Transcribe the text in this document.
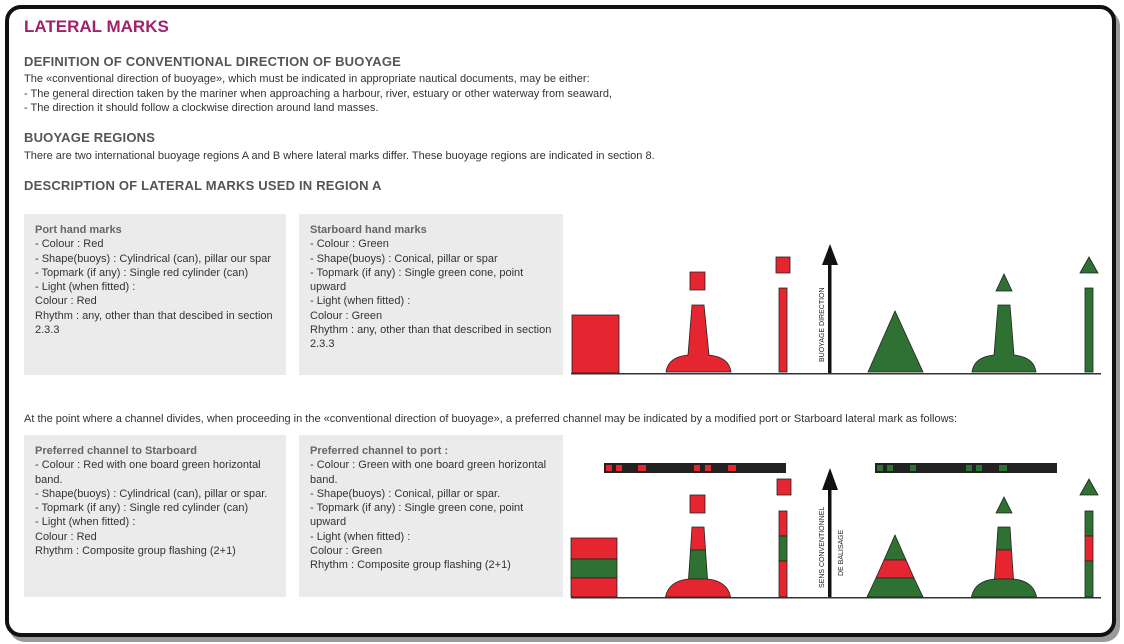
LATERAL MARKS
DEFINITION OF CONVENTIONAL DIRECTION OF BUOYAGE
The «conventional direction of buoyage», which must be indicated in appropriate nautical documents, may be either:
- The general direction taken by the mariner when approaching a harbour, river, estuary or other waterway from seaward,
- The direction it should follow a clockwise direction around land masses.
BUOYAGE REGIONS
There are two international buoyage regions A and B where lateral marks differ. These buoyage regions are indicated in section 8.
DESCRIPTION OF LATERAL MARKS USED IN REGION A
Port hand marks
- Colour : Red
- Shape(buoys) : Cylindrical (can), pillar our spar
- Topmark (if any) : Single red cylinder (can)
- Light (when fitted) :
Colour : Red
Rhythm : any, other than that descibed in section 2.3.3
Starboard hand marks
- Colour : Green
- Shape(buoys) : Conical, pillar or spar
- Topmark (if any) : Single green cone, point upward
- Light (when fitted) :
Colour : Green
Rhythm : any, other than that described in section 2.3.3
At the point where a channel divides, when proceeding in the «conventional direction of buoyage», a preferred channel may be indicated by a modified port or Starboard lateral mark as follows:
Preferred channel to Starboard
- Colour : Red with one board green horizontal band.
- Shape(buoys) : Cylindrical (can), pillar or spar.
- Topmark (if any) : Single red cylinder (can)
- Light (when fitted) :
Colour : Red
Rhythm : Composite group flashing (2+1)
Preferred channel to port :
- Colour : Green with one board green horizontal band.
- Shape(buoys) : Conical, pillar or spar.
- Topmark (if any) : Single green cone, point upward
- Light (when fitted) :
Colour : Green
Rhythm : Composite group flashing (2+1)
BUOYAGE DIRECTION
SENS CONVENTIONNEL DE BALISAGE
